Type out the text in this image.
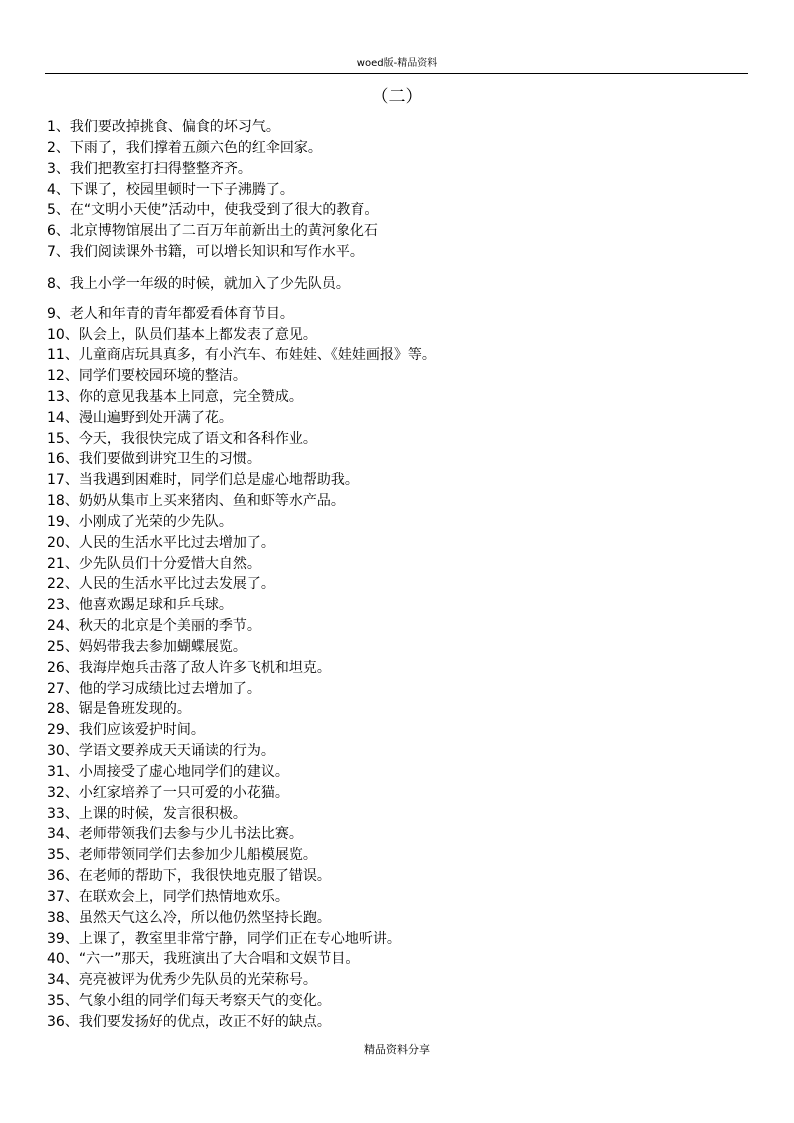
woed版-精品资料
（二）
1、我们要改掉挑食、偏食的坏习气。
2、下雨了，我们撑着五颜六色的红伞回家。
3、我们把教室打扫得整整齐齐。
4、下课了，校园里顿时一下子沸腾了。
5、在“文明小天使”活动中，使我受到了很大的教育。
6、北京博物馆展出了二百万年前新出土的黄河象化石
7、我们阅读课外书籍，可以增长知识和写作水平。
8、我上小学一年级的时候，就加入了少先队员。
9、老人和年青的青年都爱看体育节目。
10、队会上，队员们基本上都发表了意见。
11、儿童商店玩具真多，有小汽车、布娃娃、《娃娃画报》等。
12、同学们要校园环境的整洁。
13、你的意见我基本上同意，完全赞成。
14、漫山遍野到处开满了花。
15、今天，我很快完成了语文和各科作业。
16、我们要做到讲究卫生的习惯。
17、当我遇到困难时，同学们总是虚心地帮助我。
18、奶奶从集市上买来猪肉、鱼和虾等水产品。
19、小刚成了光荣的少先队。
20、人民的生活水平比过去增加了。
21、少先队员们十分爱惜大自然。
22、人民的生活水平比过去发展了。
23、他喜欢踢足球和乒乓球。
24、秋天的北京是个美丽的季节。
25、妈妈带我去参加蝴蝶展览。
26、我海岸炮兵击落了敌人许多飞机和坦克。
27、他的学习成绩比过去增加了。
28、锯是鲁班发现的。
29、我们应该爱护时间。
30、学语文要养成天天诵读的行为。
31、小周接受了虚心地同学们的建议。
32、小红家培养了一只可爱的小花猫。
33、上课的时候，发言很积极。
34、老师带领我们去参与少儿书法比赛。
35、老师带领同学们去参加少儿船模展览。
36、在老师的帮助下，我很快地克服了错误。
37、在联欢会上，同学们热情地欢乐。
38、虽然天气这么冷，所以他仍然坚持长跑。
39、上课了，教室里非常宁静，同学们正在专心地听讲。
40、“六一”那天，我班演出了大合唱和文娱节目。
34、亮亮被评为优秀少先队员的光荣称号。
35、气象小组的同学们每天考察天气的变化。
36、我们要发扬好的优点，改正不好的缺点。
精品资料分享
